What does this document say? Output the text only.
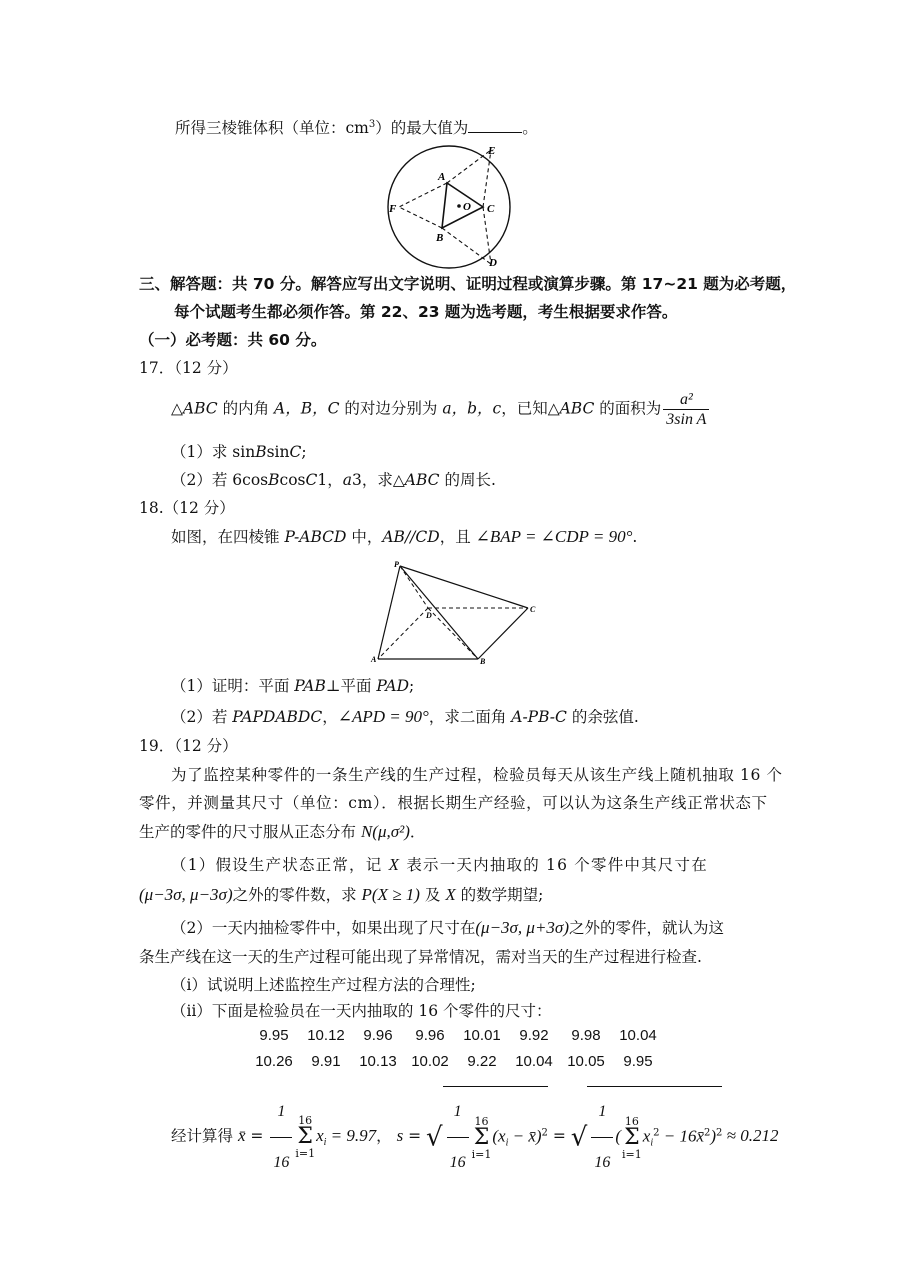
所得三棱锥体积（单位：$cm^3$）的最大值为	。
A
B
C
O
D
E
F
三、解答题：共 70 分。解答应写出文字说明、证明过程或演算步骤。第 17~21 题为必考题，
每个试题考生都必须作答。第 22、23 题为选考题，考生根据要求作答。
（一）必考题：共 60 分。
17．（12 分）
△ABC 的内角 A，B，C 的对边分别为 a，b，c，已知△ABC 的面积为 $\frac{\text{a²}}{\text{3sin A}}$
（1）求 sinBsinC;
（2）若 6cosBcosC1，a3，求△ABC 的周长.
18.（12 分）
如图，在四棱锥 P-ABCD 中，AB//CD，且 ∠BAP = ∠CDP = 90°.
P
A	B
C
D
（1）证明：平面 PAB⊥平面 PAD;
（2）若 PAPDABDC，∠APD = 90°，求二面角 A-PB-C 的余弦值.
19．（12 分）
为了监控某种零件的一条生产线的生产过程，检验员每天从该生产线上随机抽取 16 个
零件，并测量其尺寸（单位：cm）．根据长期生产经验，可以认为这条生产线正常状态下
生产的零件的尺寸服从正态分布 N(μ,σ²)．
（1）假设生产状态正常，记 X 表示一天内抽取的 16 个零件中其尺寸在
(μ−3σ, μ−3σ)之外的零件数，求 P(X ≥ 1) 及 X 的数学期望;
（2）一天内抽检零件中，如果出现了尺寸在(μ−3σ, μ+3σ)之外的零件，就认为这
条生产线在这一天的生产过程可能出现了异常情况，需对当天的生产过程进行检查.
（ⅰ）试说明上述监控生产过程方法的合理性;
（ⅱ）下面是检验员在一天内抽取的 16 个零件的尺寸：
9.95 10.12 9.96 9.96 10.01 9.92 9.98 10.04
10.26 9.91 10.13 10.02 9.22 10.04 10.05 9.95
经计算得 x̄ = $\frac{1}{16} 16$
Σ
$i=1x_i = 9.97$， s = √ $\frac{1}{16} 16$
Σ
$i=1(x_i$ − x̄)$^2$ = √ $\frac{1}{16} (16$
Σ
$i=1x_i^2$ − 16x̄$^2$)$^2$ ≈ 0.212
